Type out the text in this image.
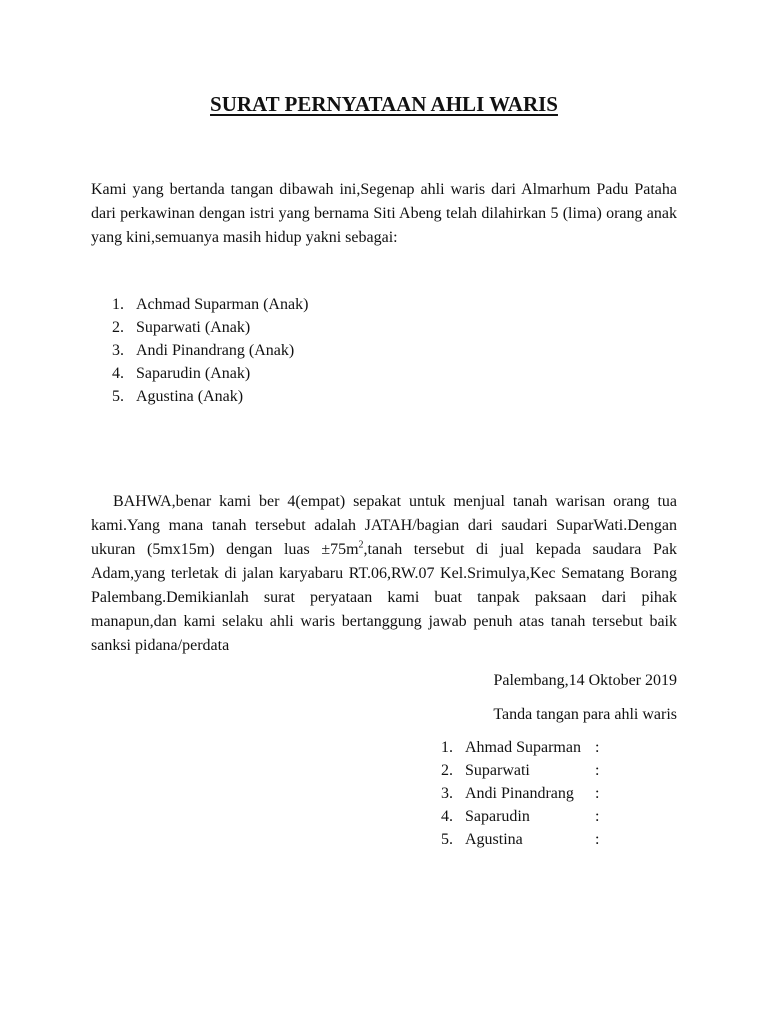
SURAT PERNYATAAN AHLI WARIS

Kami yang bertanda tangan dibawah ini,Segenap ahli waris dari Almarhum Padu Pataha dari perkawinan dengan istri yang bernama Siti Abeng telah dilahirkan 5 (lima) orang anak yang kini,semuanya masih hidup yakni sebagai:

1. Achmad Suparman (Anak)
2. Suparwati (Anak)
3. Andi Pinandrang (Anak)
4. Saparudin (Anak)
5. Agustina (Anak)

BAHWA,benar kami ber 4(empat) sepakat untuk menjual tanah warisan orang tua kami.Yang mana tanah tersebut adalah JATAH/bagian dari saudari SuparWati.Dengan ukuran (5mx15m) dengan luas $\pm 75m^2,tanah$ tersebut di jual kepada saudara Pak Adam,yang terletak di jalan karyabaru RT.06,RW.07 Kel.Srimulya,Kec Sematang Borang Palembang.Demikianlah surat peryataan kami buat tanpak paksaan dari pihak manapun,dan kami selaku ahli waris bertanggung jawab penuh atas tanah tersebut baik sanksi pidana/perdata

Palembang,14 Oktober 2019

Tanda tangan para ahli waris

1. Ahmad Suparman :
2. Suparwati	:
3. Andi Pinandrang :
4. Saparudin	:
5. Agustina	:
